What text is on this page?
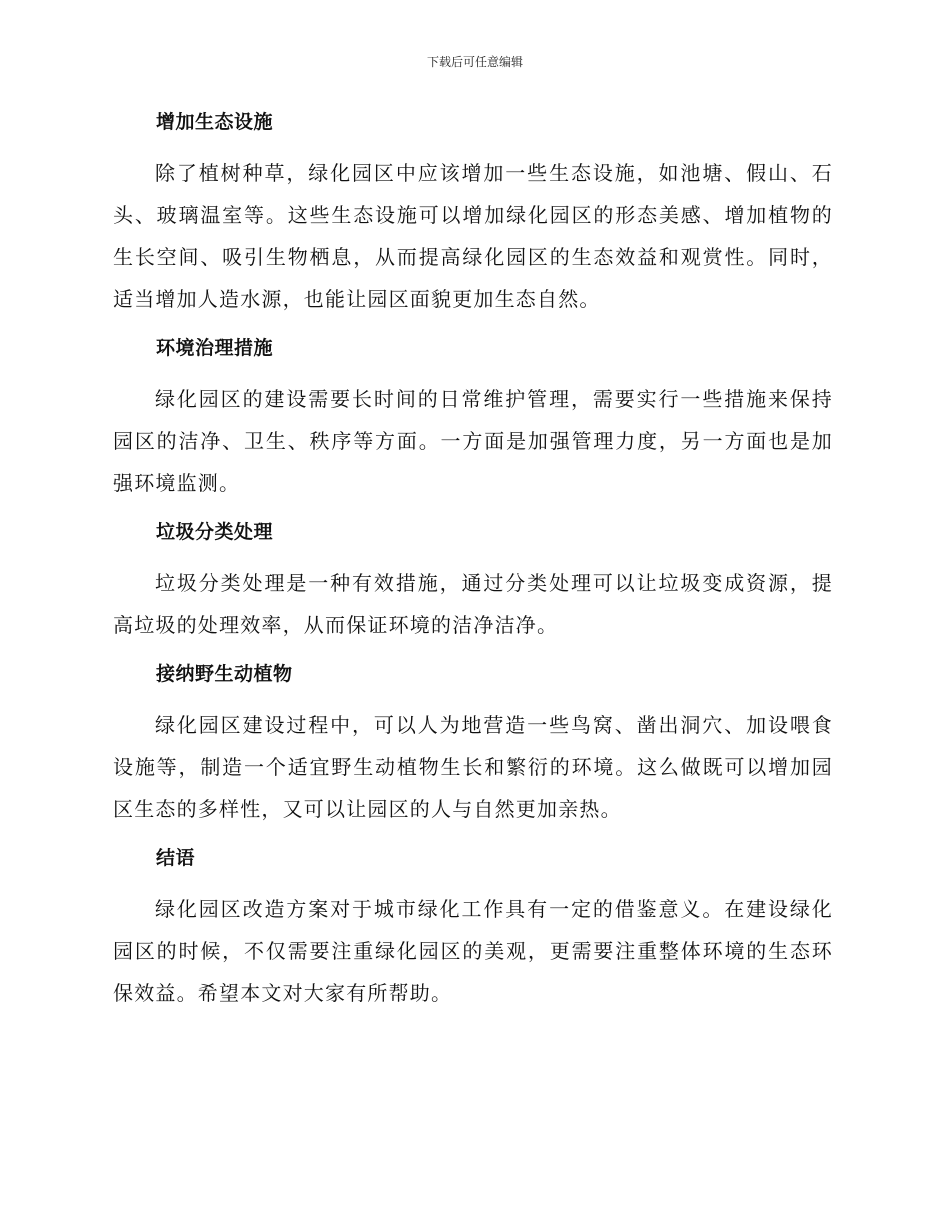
下载后可任意编辑
增加生态设施

除了植树种草，绿化园区中应该增加一些生态设施，如池塘、假山、石头、玻璃温室等。这些生态设施可以增加绿化园区的形态美感、增加植物的生长空间、吸引生物栖息，从而提高绿化园区的生态效益和观赏性。同时，适当增加人造水源，也能让园区面貌更加生态自然。

环境治理措施

绿化园区的建设需要长时间的日常维护管理，需要实行一些措施来保持园区的洁净、卫生、秩序等方面。一方面是加强管理力度，另一方面也是加强环境监测。

垃圾分类处理

垃圾分类处理是一种有效措施，通过分类处理可以让垃圾变成资源，提高垃圾的处理效率，从而保证环境的洁净洁净。

接纳野生动植物

绿化园区建设过程中，可以人为地营造一些鸟窝、凿出洞穴、加设喂食设施等，制造一个适宜野生动植物生长和繁衍的环境。这么做既可以增加园区生态的多样性，又可以让园区的人与自然更加亲热。

结语

绿化园区改造方案对于城市绿化工作具有一定的借鉴意义。在建设绿化园区的时候，不仅需要注重绿化园区的美观，更需要注重整体环境的生态环保效益。希望本文对大家有所帮助。
